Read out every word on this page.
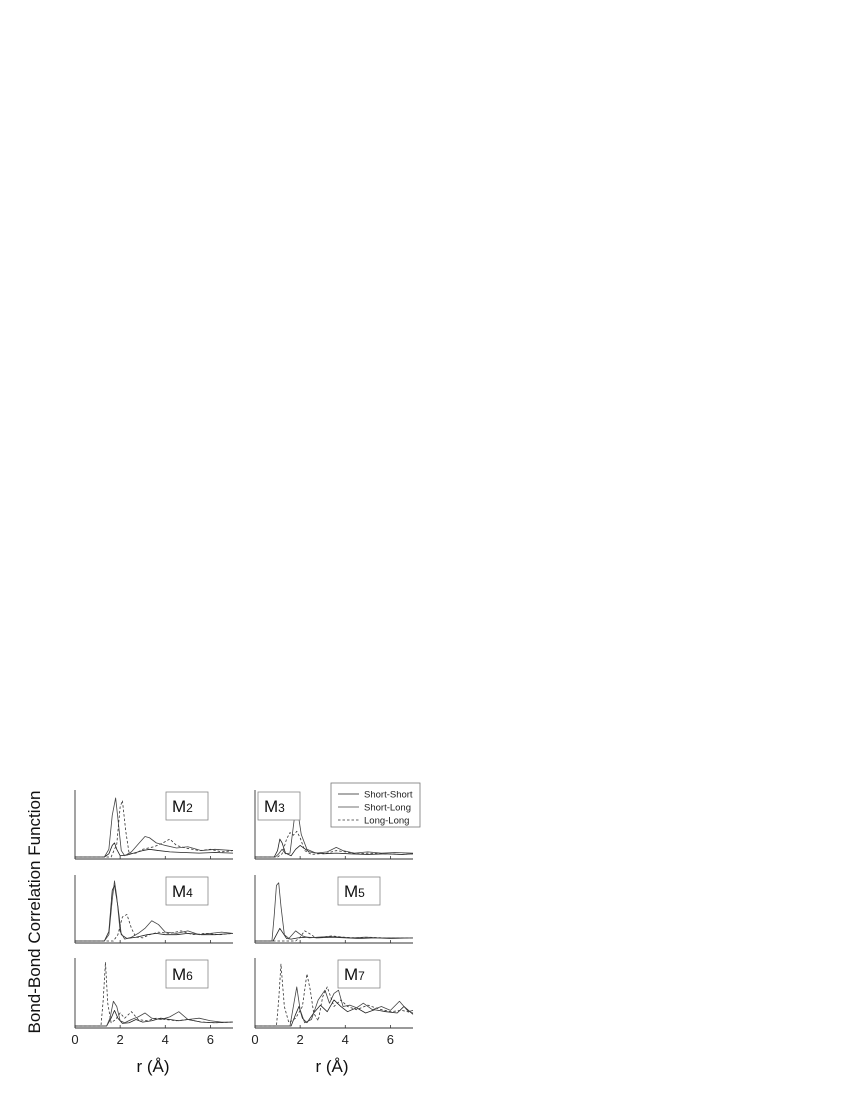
Bond-Bond Correlation Function
r (Å)	r (Å)
M2	M3
M4	M5
0	2	4	6
M6
0	2	4	6
M7
Short-Short
Short-Long
Long-Long
